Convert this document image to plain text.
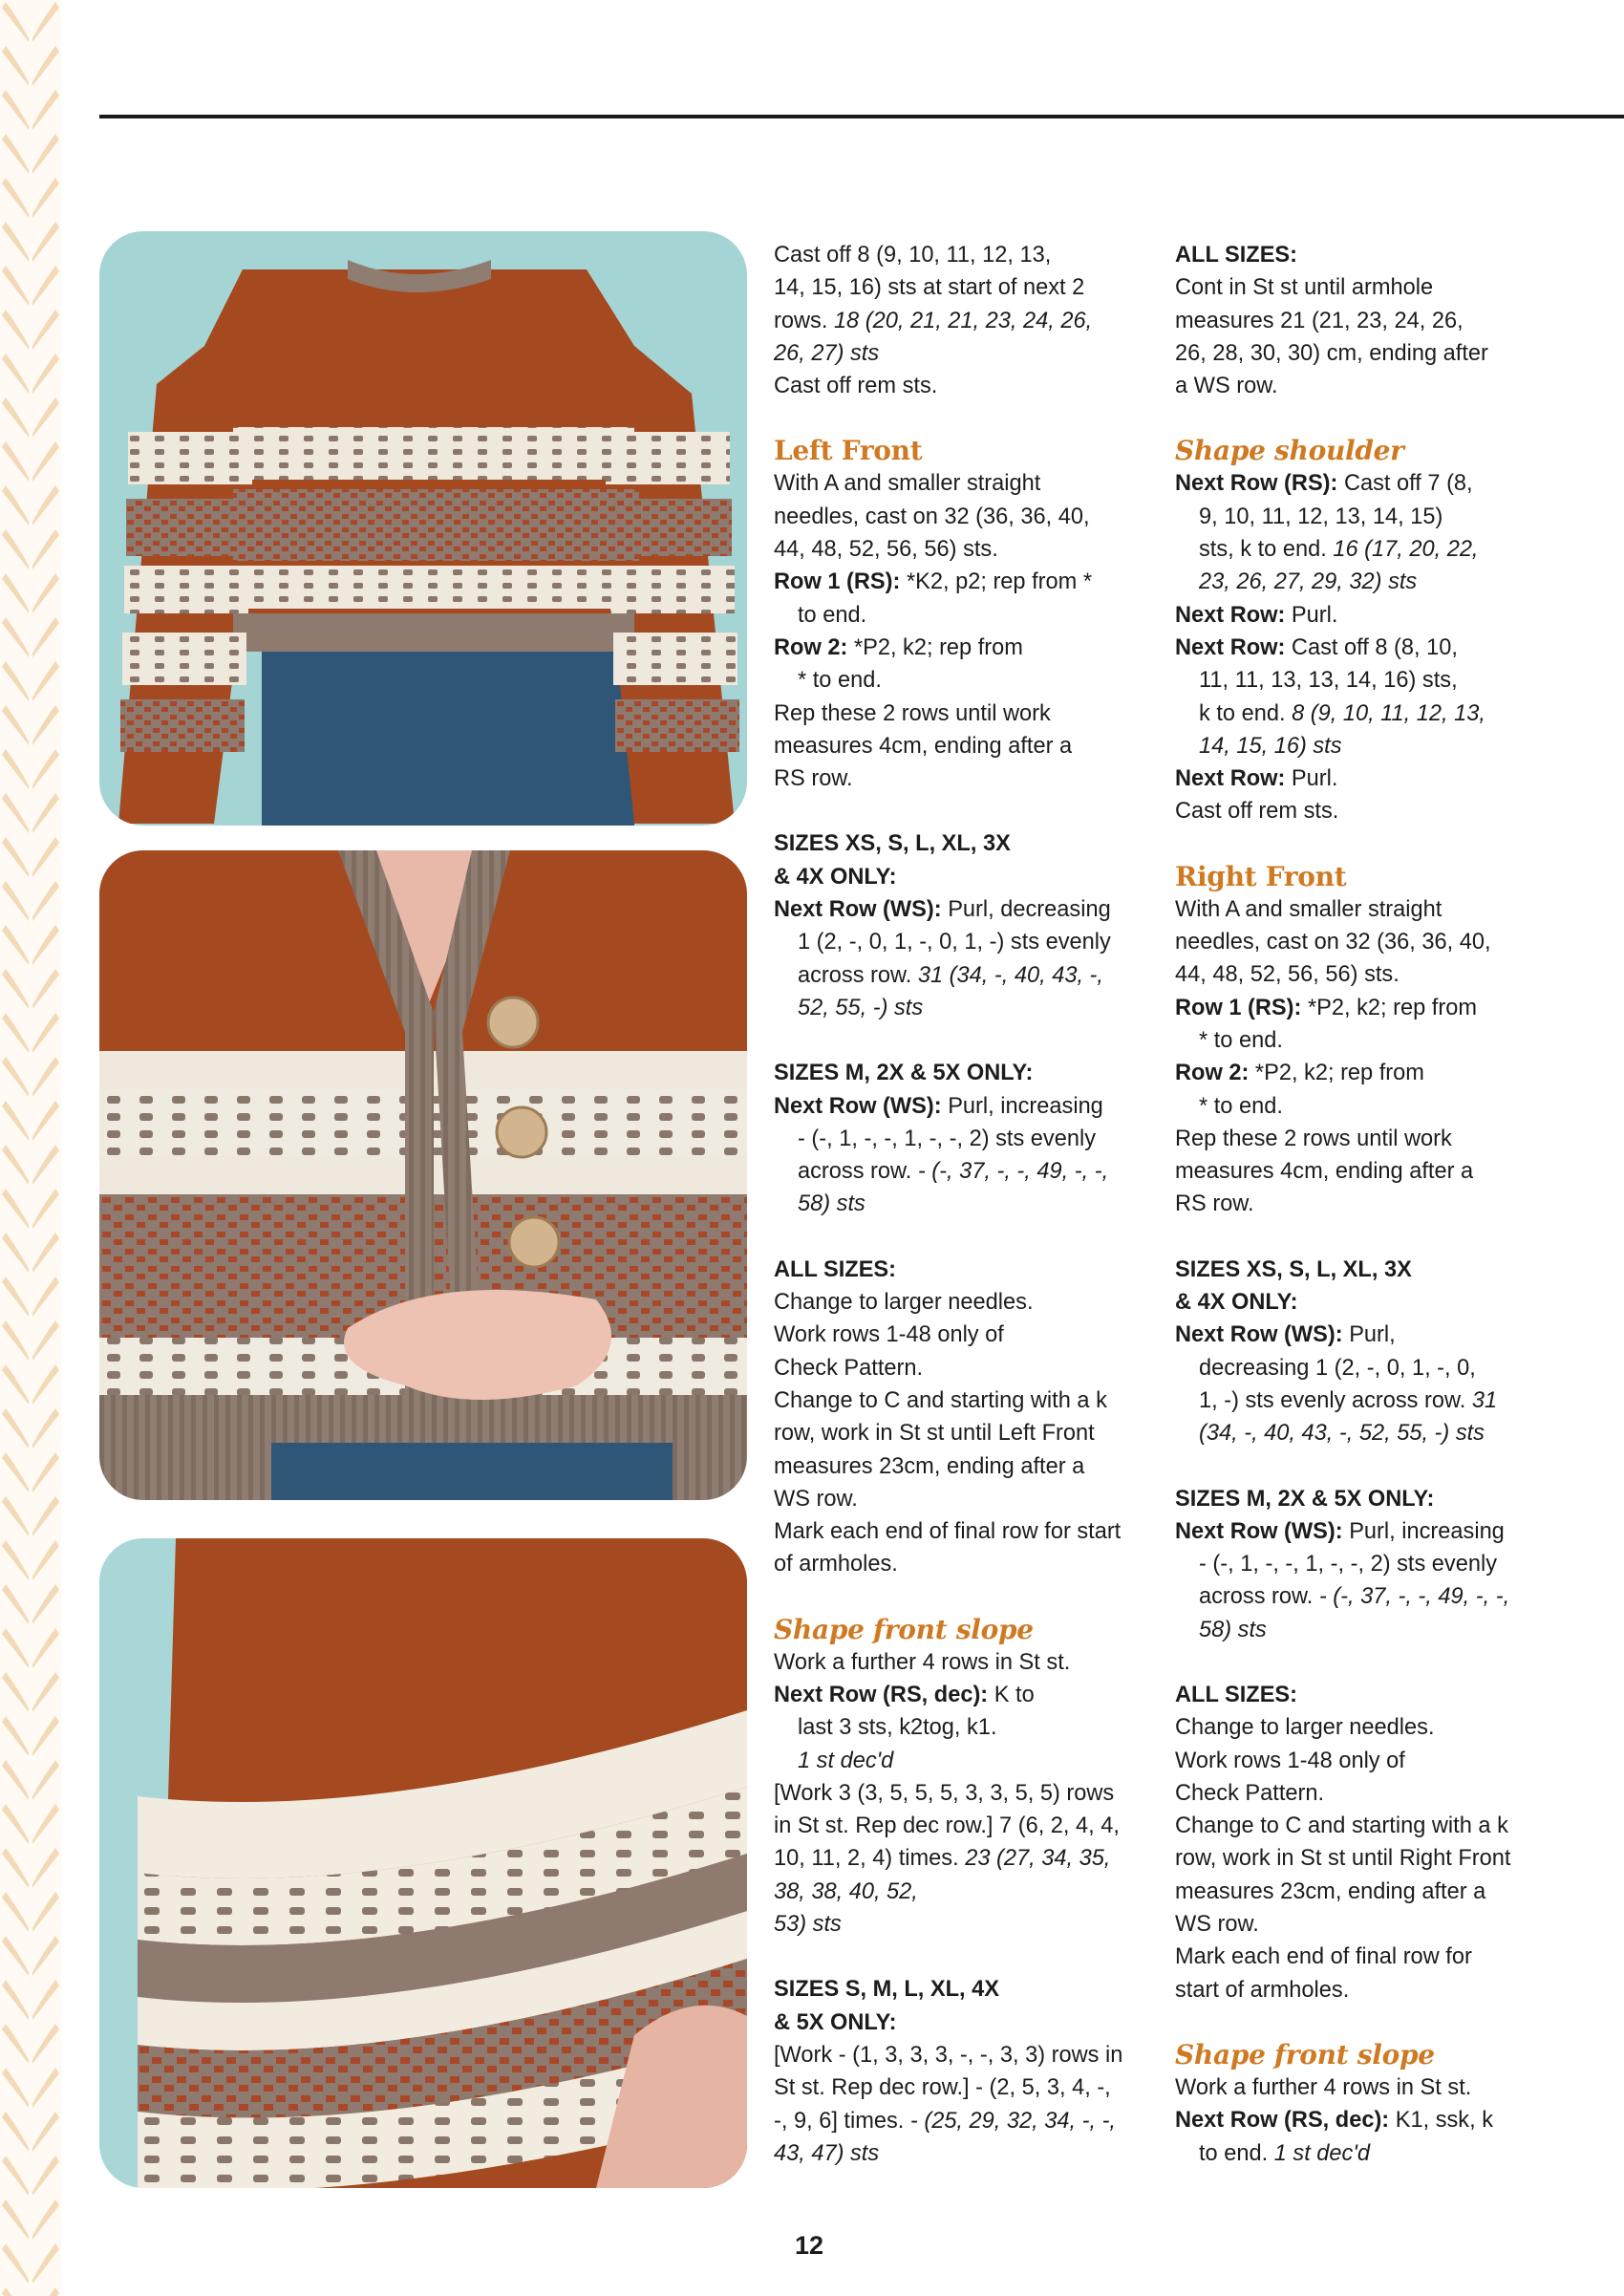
Cast off 8 (9, 10, 11, 12, 13,

14, 15, 16) sts at start of next 2

rows. 18 (20, 21, 21, 23, 24, 26,

26, 27) sts

Cast off rem sts.

Left Front

With A and smaller straight

needles, cast on 32 (36, 36, 40,

44, 48, 52, 56, 56) sts.

Row 1 (RS): *K2, p2; rep from *

to end.

Row 2: *P2, k2; rep from

* to end.

Rep these 2 rows until work

measures 4cm, ending after a

RS row.

SIZES XS, S, L, XL, 3X

& 4X ONLY:

Next Row (WS): Purl, decreasing

1 (2, -, 0, 1, -, 0, 1, -) sts evenly

across row. 31 (34, -, 40, 43, -,

52, 55, -) sts

SIZES M, 2X & 5X ONLY:

Next Row (WS): Purl, increasing

- (-, 1, -, -, 1, -, -, 2) sts evenly

across row. - (-, 37, -, -, 49, -, -,

58) sts

ALL SIZES:

Change to larger needles.

Work rows 1-48 only of

Check Pattern.

Change to C and starting with a k

row, work in St st until Left Front

measures 23cm, ending after a

WS row.

Mark each end of final row for start

of armholes.

Shape front slope

Work a further 4 rows in St st.

Next Row (RS, dec): K to

last 3 sts, k2tog, k1.

1 st dec'd

[Work 3 (3, 5, 5, 5, 3, 3, 5, 5) rows

in St st. Rep dec row.] 7 (6, 2, 4, 4,

10, 11, 2, 4) times. 23 (27, 34, 35,

38, 38, 40, 52,

53) sts

SIZES S, M, L, XL, 4X

& 5X ONLY:

[Work - (1, 3, 3, 3, -, -, 3, 3) rows in

St st. Rep dec row.] - (2, 5, 3, 4, -,

-, 9, 6] times. - (25, 29, 32, 34, -, -,

43, 47) sts

ALL SIZES:

Cont in St st until armhole

measures 21 (21, 23, 24, 26,

26, 28, 30, 30) cm, ending after

a WS row.

Shape shoulder

Next Row (RS): Cast off 7 (8,

9, 10, 11, 12, 13, 14, 15)

sts, k to end. 16 (17, 20, 22,

23, 26, 27, 29, 32) sts

Next Row: Purl.

Next Row: Cast off 8 (8, 10,

11, 11, 13, 13, 14, 16) sts,

k to end. 8 (9, 10, 11, 12, 13,

14, 15, 16) sts

Next Row: Purl.

Cast off rem sts.

Right Front

With A and smaller straight

needles, cast on 32 (36, 36, 40,

44, 48, 52, 56, 56) sts.

Row 1 (RS): *P2, k2; rep from

* to end.

Row 2: *P2, k2; rep from

* to end.

Rep these 2 rows until work

measures 4cm, ending after a

RS row.

SIZES XS, S, L, XL, 3X

& 4X ONLY:

Next Row (WS): Purl,

decreasing 1 (2, -, 0, 1, -, 0,

1, -) sts evenly across row. 31

(34, -, 40, 43, -, 52, 55, -) sts

SIZES M, 2X & 5X ONLY:

Next Row (WS): Purl, increasing

- (-, 1, -, -, 1, -, -, 2) sts evenly

across row. - (-, 37, -, -, 49, -, -,

58) sts

ALL SIZES:

Change to larger needles.

Work rows 1-48 only of

Check Pattern.

Change to C and starting with a k

row, work in St st until Right Front

measures 23cm, ending after a

WS row.

Mark each end of final row for

start of armholes.

Shape front slope

Work a further 4 rows in St st.

Next Row (RS, dec): K1, ssk, k

to end. 1 st dec'd

12
